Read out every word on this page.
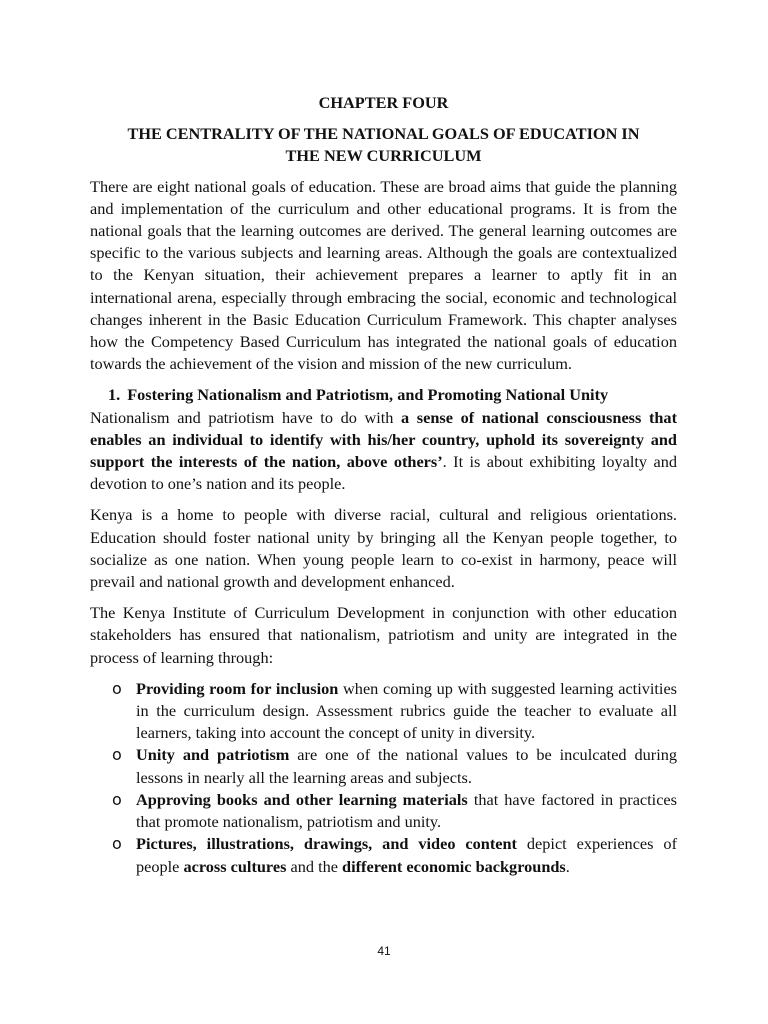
CHAPTER FOUR
THE CENTRALITY OF THE NATIONAL GOALS OF EDUCATION IN
THE NEW CURRICULUM

There are eight national goals of education. These are broad aims that guide the planning and implementation of the curriculum and other educational programs. It is from the national goals that the learning outcomes are derived. The general learning outcomes are specific to the various subjects and learning areas. Although the goals are contextualized to the Kenyan situation, their achievement prepares a learner to aptly fit in an international arena, especially through embracing the social, economic and technological changes inherent in the Basic Education Curriculum Framework. This chapter analyses how the Competency Based Curriculum has integrated the national goals of education towards the achievement of the vision and mission of the new curriculum.

1. Fostering Nationalism and Patriotism, and Promoting National Unity

Nationalism and patriotism have to do with a sense of national consciousness that enables an individual to identify with his/her country, uphold its sovereignty and support the interests of the nation, above others’. It is about exhibiting loyalty and devotion to one’s nation and its people.

Kenya is a home to people with diverse racial, cultural and religious orientations. Education should foster national unity by bringing all the Kenyan people together, to socialize as one nation. When young people learn to co-exist in harmony, peace will prevail and national growth and development enhanced.

The Kenya Institute of Curriculum Development in conjunction with other education stakeholders has ensured that nationalism, patriotism and unity are integrated in the process of learning through:

o Providing room for inclusion when coming up with suggested learning activities in the curriculum design. Assessment rubrics guide the teacher to evaluate all learners, taking into account the concept of unity in diversity.
o Unity and patriotism are one of the national values to be inculcated during lessons in nearly all the learning areas and subjects.
o Approving books and other learning materials that have factored in practices that promote nationalism, patriotism and unity.
o Pictures, illustrations, drawings, and video content depict experiences of people across cultures and the different economic backgrounds.
41
